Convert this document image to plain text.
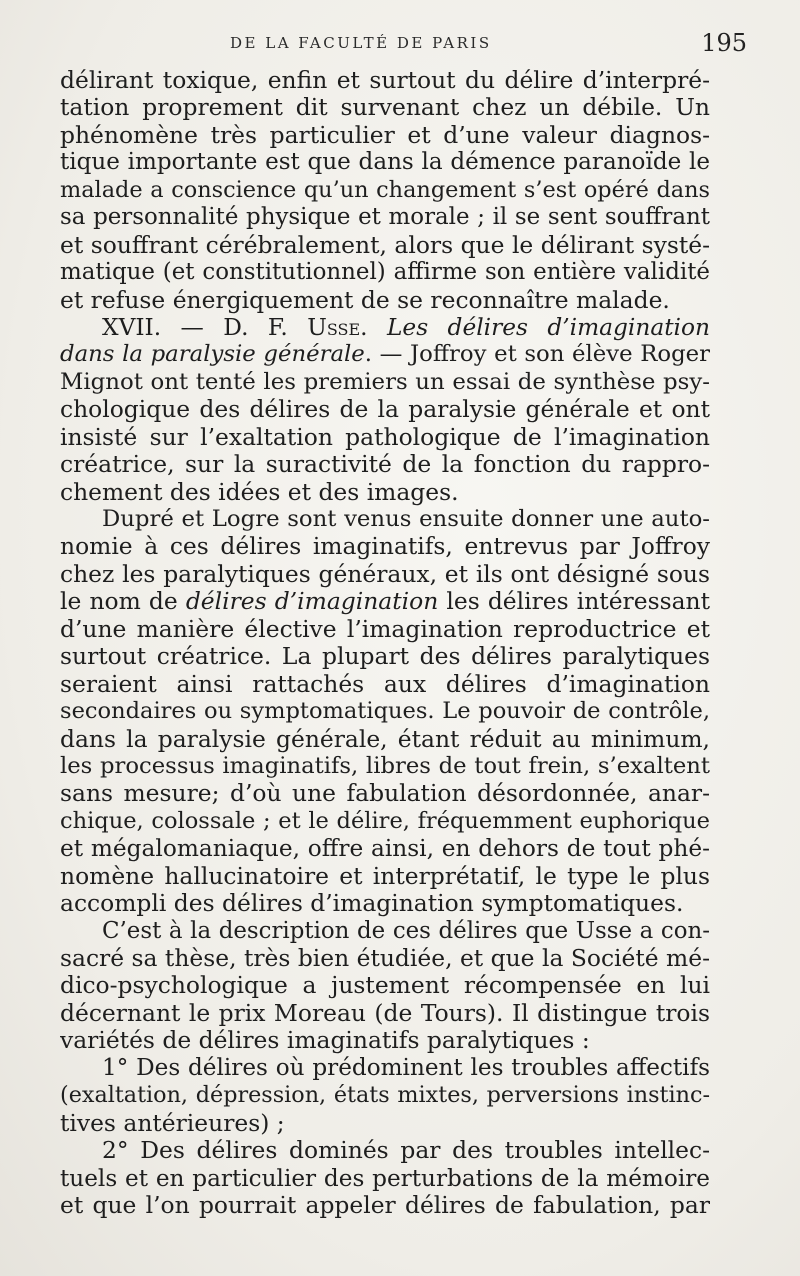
DE LA FACULTÉ DE PARIS	195
délirant toxique, enfin et surtout du délire d’interpré-
tation proprement dit survenant chez un débile. Un
phénomène très particulier et d’une valeur diagnos-
tique importante est que dans la démence paranoïde le
malade a conscience qu’un changement s’est opéré dans
sa personnalité physique et morale ; il se sent souffrant
et souffrant cérébralement, alors que le délirant systé-
matique (et constitutionnel) affirme son entière validité
et refuse énergiquement de se reconnaître malade.
XVII. — D. F. Usse. Les délires d’imagination
dans la paralysie générale. — Joffroy et son élève Roger
Mignot ont tenté les premiers un essai de synthèse psy-
chologique des délires de la paralysie générale et ont
insisté sur l’exaltation pathologique de l’imagination
créatrice, sur la suractivité de la fonction du rappro-
chement des idées et des images.
Dupré et Logre sont venus ensuite donner une auto-
nomie à ces délires imaginatifs, entrevus par Joffroy
chez les paralytiques généraux, et ils ont désigné sous
le nom de délires d’imagination les délires intéressant
d’une manière élective l’imagination reproductrice et
surtout créatrice. La plupart des délires paralytiques
seraient ainsi rattachés aux délires d’imagination
secondaires ou symptomatiques. Le pouvoir de contrôle,
dans la paralysie générale, étant réduit au minimum,
les processus imaginatifs, libres de tout frein, s’exaltent
sans mesure; d’où une fabulation désordonnée, anar-
chique, colossale ; et le délire, fréquemment euphorique
et mégalomaniaque, offre ainsi, en dehors de tout phé-
nomène hallucinatoire et interprétatif, le type le plus
accompli des délires d’imagination symptomatiques.
C’est à la description de ces délires que Usse a con-
sacré sa thèse, très bien étudiée, et que la Société mé-
dico-psychologique a justement récompensée en lui
décernant le prix Moreau (de Tours). Il distingue trois
variétés de délires imaginatifs paralytiques :
1° Des délires où prédominent les troubles affectifs
(exaltation, dépression, états mixtes, perversions instinc-
tives antérieures) ;
2° Des délires dominés par des troubles intellec-
tuels et en particulier des perturbations de la mémoire
et que l’on pourrait appeler délires de fabulation, par
